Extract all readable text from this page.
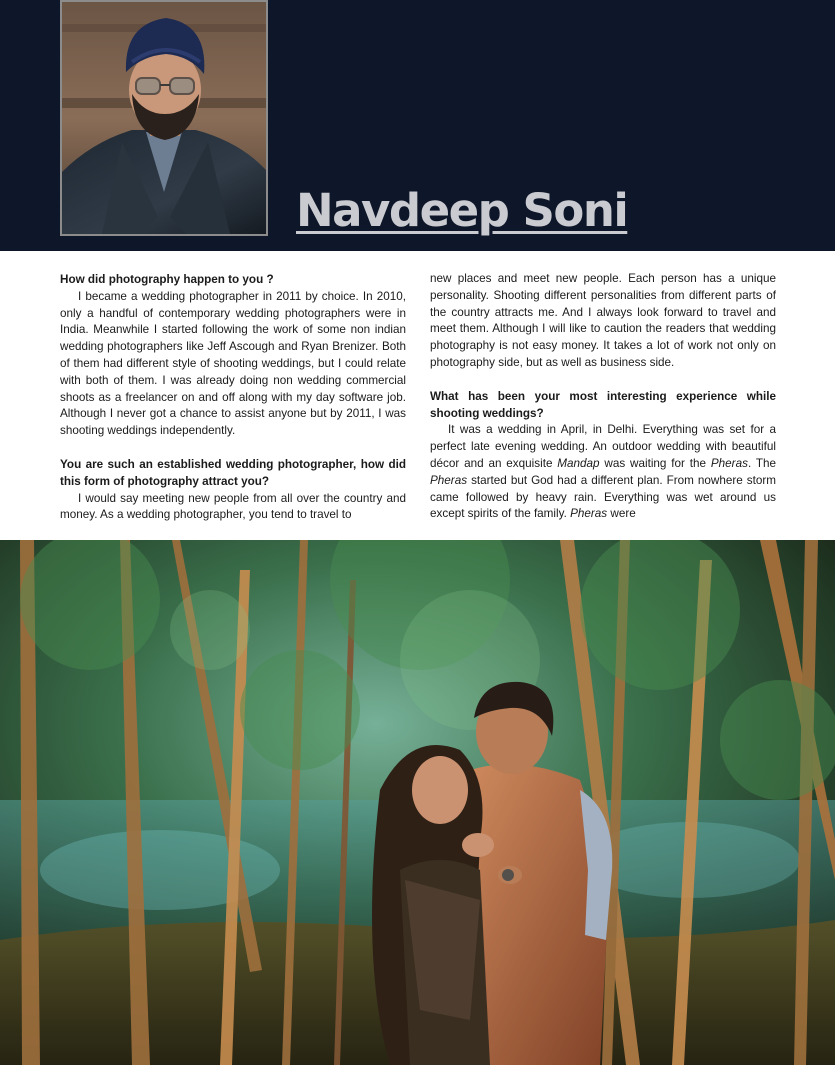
Navdeep Soni

How did photography happen to you ?

I became a wedding photographer in 2011 by choice. In 2010, only a handful of contemporary wedding photographers were in India. Meanwhile I started following the work of some non indian wedding photographers like Jeff Ascough and Ryan Brenizer. Both of them had different style of shooting weddings, but I could relate with both of them. I was already doing non wedding commercial shoots as a freelancer on and off along with my day software job. Although I never got a chance to assist anyone but by 2011, I was shooting weddings independently.

You are such an established wedding photographer, how did this form of photography attract you?

I would say meeting new people from all over the country and money. As a wedding photographer, you tend to travel to

new places and meet new people. Each person has a unique personality. Shooting different personalities from different parts of the country attracts me. And I always look forward to travel and meet them. Although I will like to caution the readers that wedding photography is not easy money. It takes a lot of work not only on photography side, but as well as business side.

What has been your most interesting experience while shooting weddings?

It was a wedding in April, in Delhi. Everything was set for a perfect late evening wedding. An outdoor wedding with beautiful décor and an exquisite Mandap was waiting for the Pheras. The Pheras started but God had a different plan. From nowhere storm came followed by heavy rain. Everything was wet around us except spirits of the family. Pheras were
